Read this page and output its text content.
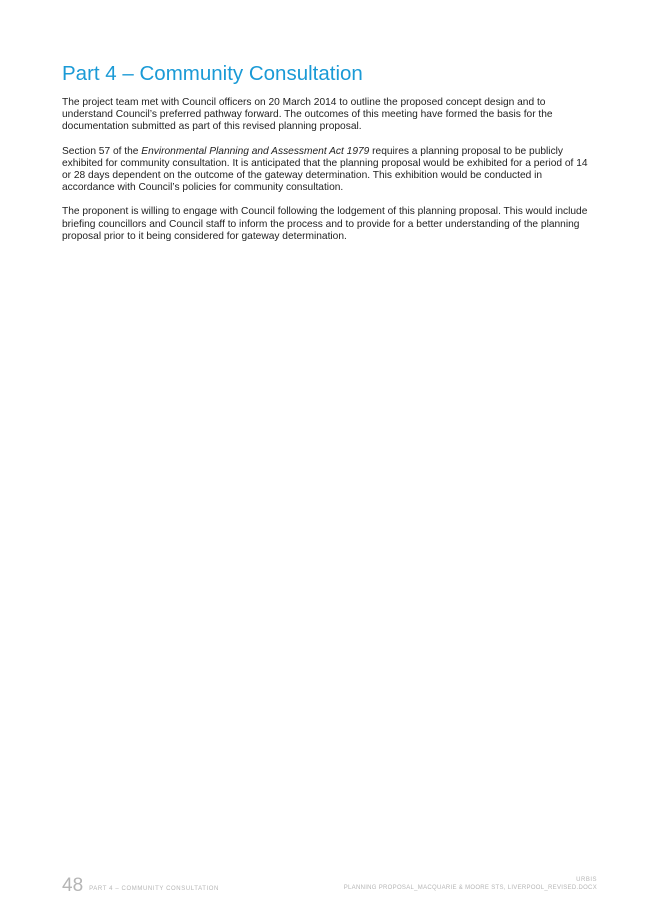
Part 4 – Community Consultation

The project team met with Council officers on 20 March 2014 to outline the proposed concept design and to understand Council’s preferred pathway forward. The outcomes of this meeting have formed the basis for the documentation submitted as part of this revised planning proposal.

Section 57 of the Environmental Planning and Assessment Act 1979 requires a planning proposal to be publicly exhibited for community consultation. It is anticipated that the planning proposal would be exhibited for a period of 14 or 28 days dependent on the outcome of the gateway determination. This exhibition would be conducted in accordance with Council’s policies for community consultation.

The proponent is willing to engage with Council following the lodgement of this planning proposal. This would include briefing councillors and Council staff to inform the process and to provide for a better understanding of the planning proposal prior to it being considered for gateway determination.

48 PART 4 – COMMUNITY CONSULTATION
URBIS
PLANNING PROPOSAL_MACQUARIE & MOORE STS, LIVERPOOL_REVISED.DOCX
